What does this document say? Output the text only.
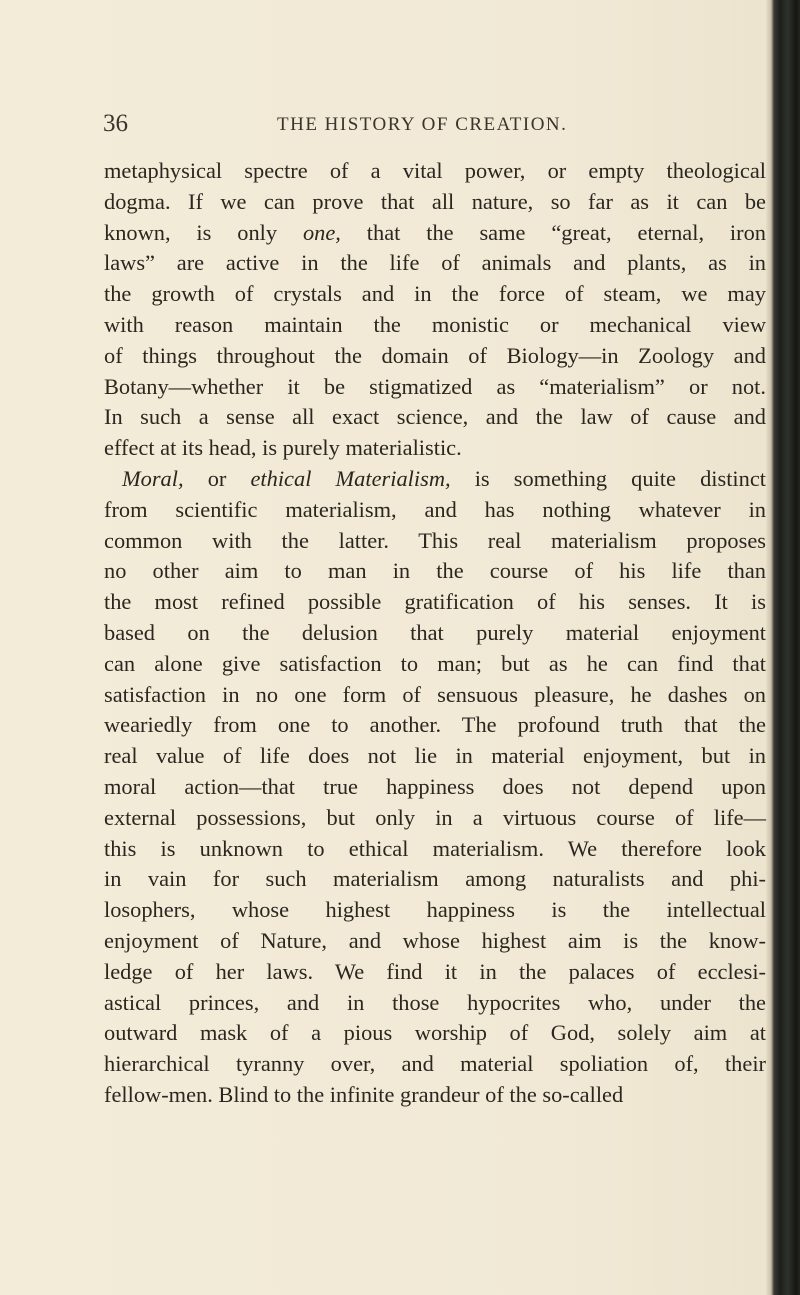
36	THE HISTORY OF CREATION.
metaphysical spectre of a vital power, or empty theological
dogma. If we can prove that all nature, so far as it can be
known, is only one, that the same “great, eternal, iron
laws” are active in the life of animals and plants, as in
the growth of crystals and in the force of steam, we may
with reason maintain the monistic or mechanical view
of things throughout the domain of Biology—in Zoology and
Botany—whether it be stigmatized as “materialism” or not.
In such a sense all exact science, and the law of cause and
effect at its head, is purely materialistic.
Moral, or ethical Materialism, is something quite distinct
from scientific materialism, and has nothing whatever in
common with the latter. This real materialism proposes
no other aim to man in the course of his life than
the most refined possible gratification of his senses. It is
based on the delusion that purely material enjoyment
can alone give satisfaction to man; but as he can find that
satisfaction in no one form of sensuous pleasure, he dashes on
weariedly from one to another. The profound truth that the
real value of life does not lie in material enjoyment, but in
moral action—that true happiness does not depend upon
external possessions, but only in a virtuous course of life—
this is unknown to ethical materialism. We therefore look
in vain for such materialism among naturalists and phi-
losophers, whose highest happiness is the intellectual
enjoyment of Nature, and whose highest aim is the know-
ledge of her laws. We find it in the palaces of ecclesi-
astical princes, and in those hypocrites who, under the
outward mask of a pious worship of God, solely aim at
hierarchical tyranny over, and material spoliation of, their
fellow-men. Blind to the infinite grandeur of the so-called
